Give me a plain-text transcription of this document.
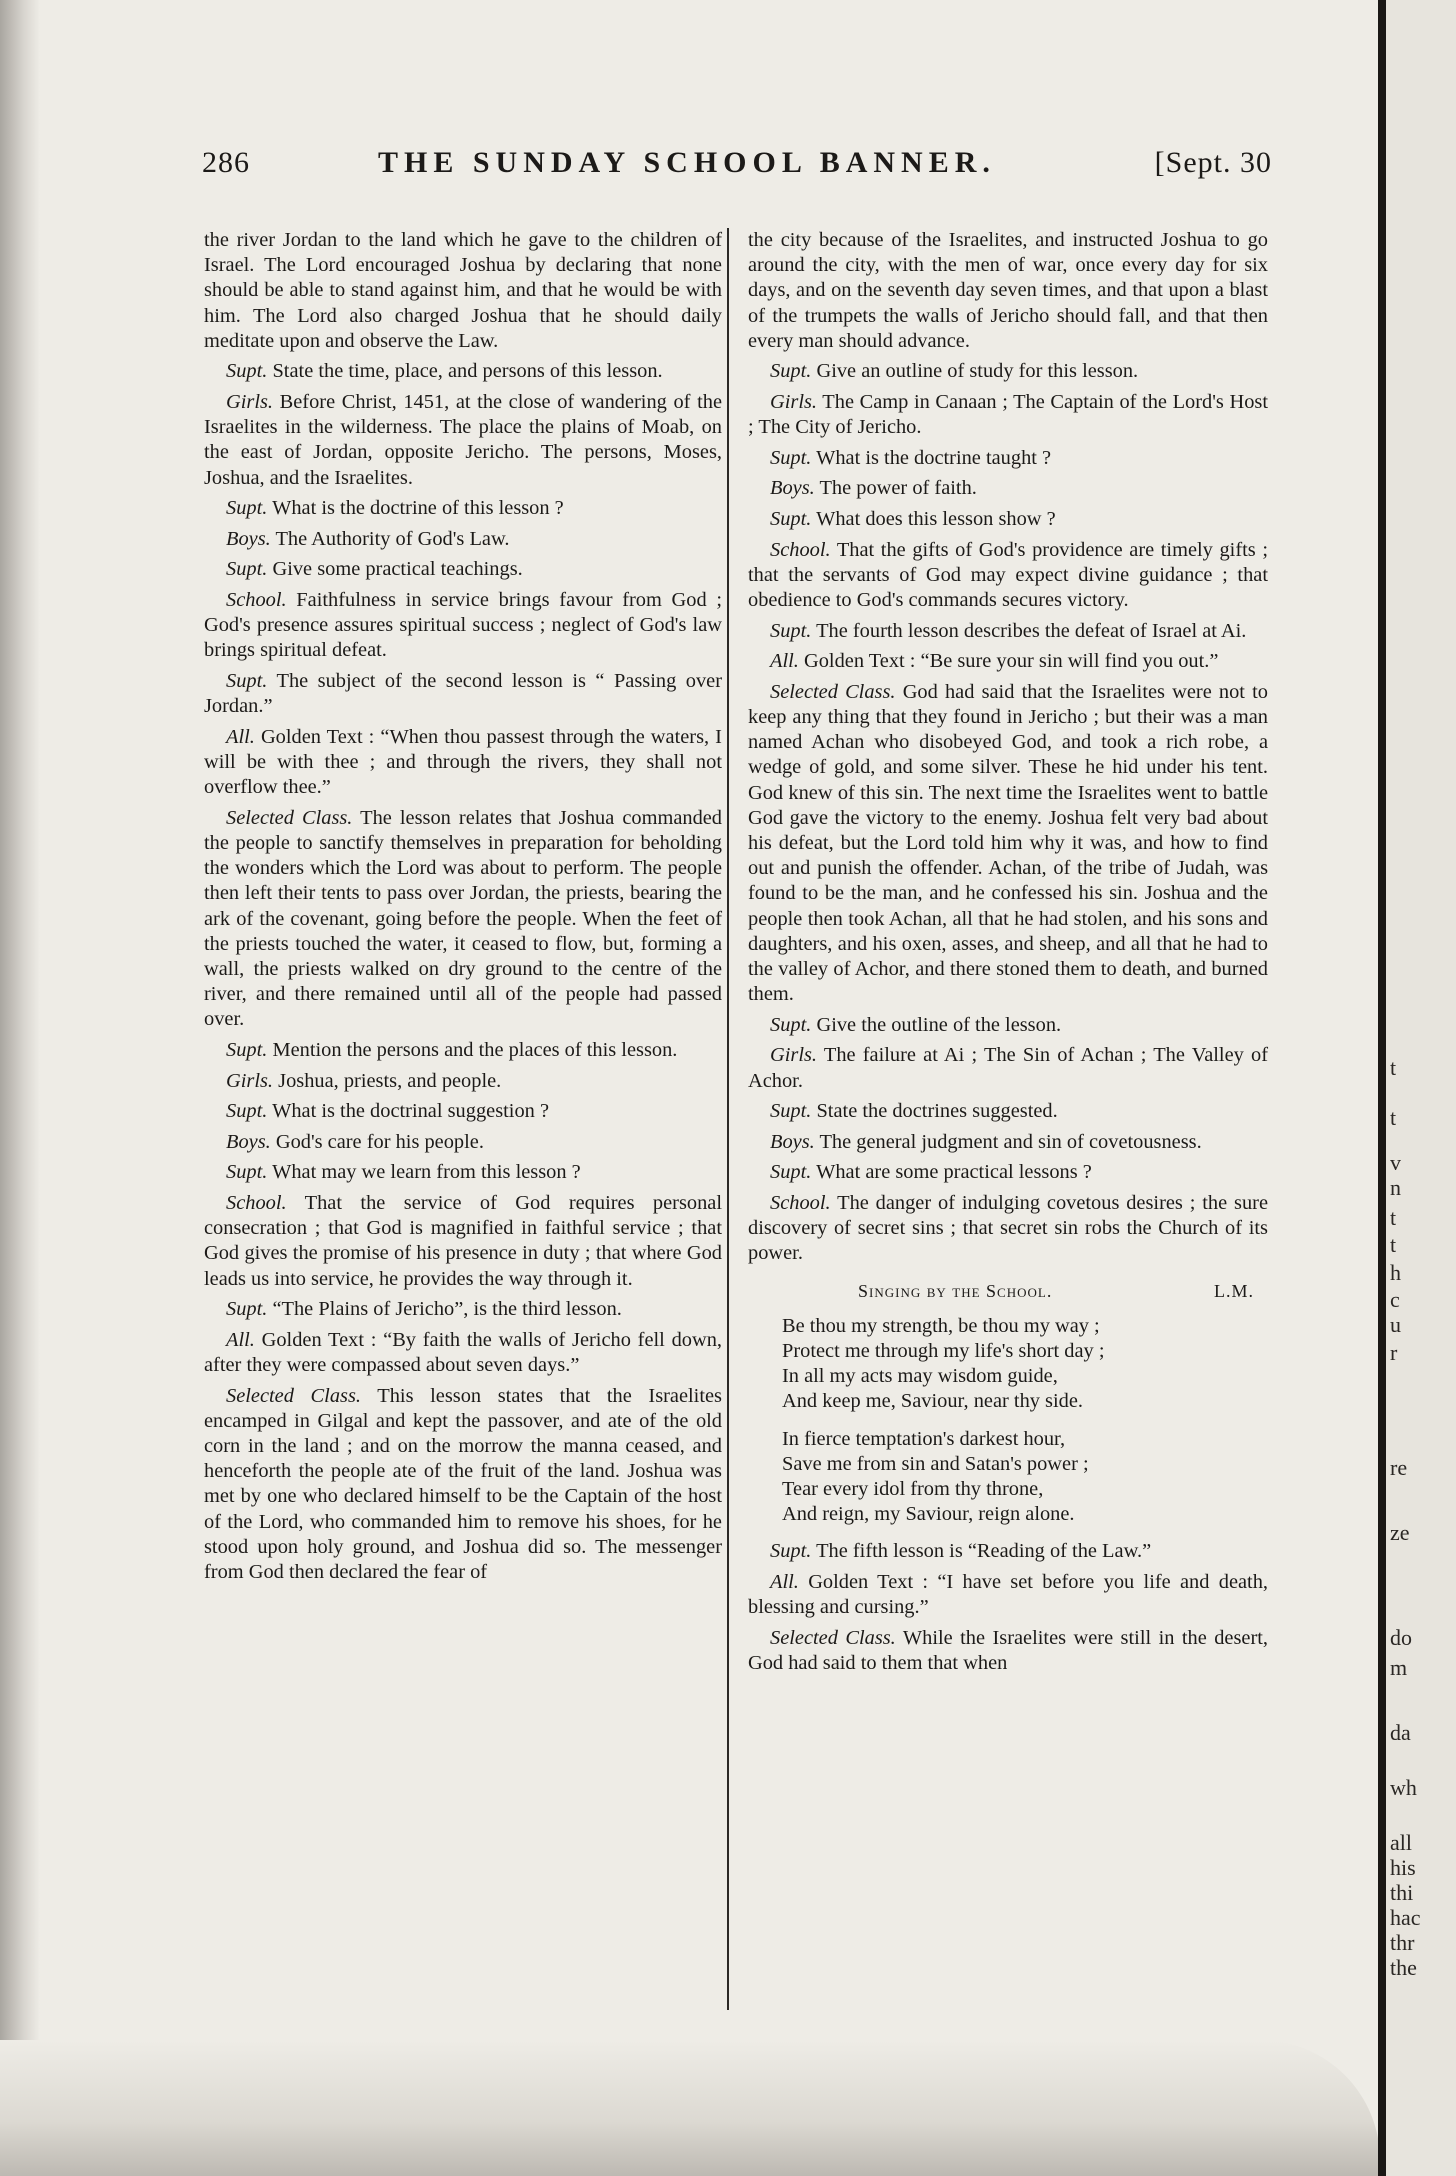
286	THE SUNDAY SCHOOL BANNER.	[Sept. 30

the river Jordan to the land which he gave to the children of Israel. The Lord encouraged Joshua by declaring that none should be able to stand against him, and that he would be with him. The Lord also charged Joshua that he should daily meditate upon and observe the Law.

Supt. State the time, place, and persons of this lesson.

Girls. Before Christ, 1451, at the close of wandering of the Israelites in the wilderness. The place the plains of Moab, on the east of Jordan, opposite Jericho. The persons, Moses, Joshua, and the Israelites.

Supt. What is the doctrine of this lesson ?

Boys. The Authority of God's Law.

Supt. Give some practical teachings.

School. Faithfulness in service brings favour from God ; God's presence assures spiritual success ; neglect of God's law brings spiritual defeat.

Supt. The subject of the second lesson is “ Passing over Jordan.”

All. Golden Text : “When thou passest through the waters, I will be with thee ; and through the rivers, they shall not overflow thee.”

Selected Class. The lesson relates that Joshua commanded the people to sanctify themselves in preparation for beholding the wonders which the Lord was about to perform. The people then left their tents to pass over Jordan, the priests, bearing the ark of the covenant, going before the people. When the feet of the priests touched the water, it ceased to flow, but, forming a wall, the priests walked on dry ground to the centre of the river, and there remained until all of the people had passed over.

Supt. Mention the persons and the places of this lesson.

Girls. Joshua, priests, and people.

Supt. What is the doctrinal suggestion ?

Boys. God's care for his people.

Supt. What may we learn from this lesson ?

School. That the service of God requires personal consecration ; that God is magnified in faithful service ; that God gives the promise of his presence in duty ; that where God leads us into service, he provides the way through it.

Supt. “The Plains of Jericho”, is the third lesson.

All. Golden Text : “By faith the walls of Jericho fell down, after they were compassed about seven days.”

Selected Class. This lesson states that the Israelites encamped in Gilgal and kept the passover, and ate of the old corn in the land ; and on the morrow the manna ceased, and henceforth the people ate of the fruit of the land. Joshua was met by one who declared himself to be the Captain of the host of the Lord, who commanded him to remove his shoes, for he stood upon holy ground, and Joshua did so. The messenger from God then declared the fear of

the city because of the Israelites, and instructed Joshua to go around the city, with the men of war, once every day for six days, and on the seventh day seven times, and that upon a blast of the trumpets the walls of Jericho should fall, and that then every man should advance.

Supt. Give an outline of study for this lesson.

Girls. The Camp in Canaan ; The Captain of the Lord's Host ; The City of Jericho.

Supt. What is the doctrine taught ?

Boys. The power of faith.

Supt. What does this lesson show ?

School. That the gifts of God's providence are timely gifts ; that the servants of God may expect divine guidance ; that obedience to God's commands secures victory.

Supt. The fourth lesson describes the defeat of Israel at Ai.

All. Golden Text : “Be sure your sin will find you out.”

Selected Class. God had said that the Israelites were not to keep any thing that they found in Jericho ; but their was a man named Achan who disobeyed God, and took a rich robe, a wedge of gold, and some silver. These he hid under his tent. God knew of this sin. The next time the Israelites went to battle God gave the victory to the enemy. Joshua felt very bad about his defeat, but the Lord told him why it was, and how to find out and punish the offender. Achan, of the tribe of Judah, was found to be the man, and he confessed his sin. Joshua and the people then took Achan, all that he had stolen, and his sons and daughters, and his oxen, asses, and sheep, and all that he had to the valley of Achor, and there stoned them to death, and burned them.

Supt. Give the outline of the lesson.

Girls. The failure at Ai ; The Sin of Achan ; The Valley of Achor.

Supt. State the doctrines suggested.

Boys. The general judgment and sin of covetousness.

Supt. What are some practical lessons ?

School. The danger of indulging covetous desires ; the sure discovery of secret sins ; that secret sin robs the Church of its power.

Singing by the School.	L.M.
Be thou my strength, be thou my way ;
Protect me through my life's short day ;
In all my acts may wisdom guide,
And keep me, Saviour, near thy side.
In fierce temptation's darkest hour,
Save me from sin and Satan's power ;
Tear every idol from thy throne,
And reign, my Saviour, reign alone.

Supt. The fifth lesson is “Reading of the Law.”

All. Golden Text : “I have set before you life and death, blessing and cursing.”

Selected Class. While the Israelites were still in the desert, God had said to them that when

t
t
v
n
t
t
h
c
u
r
re
ze
do
m
da
wh
all
his
thi
hac
thr
the
